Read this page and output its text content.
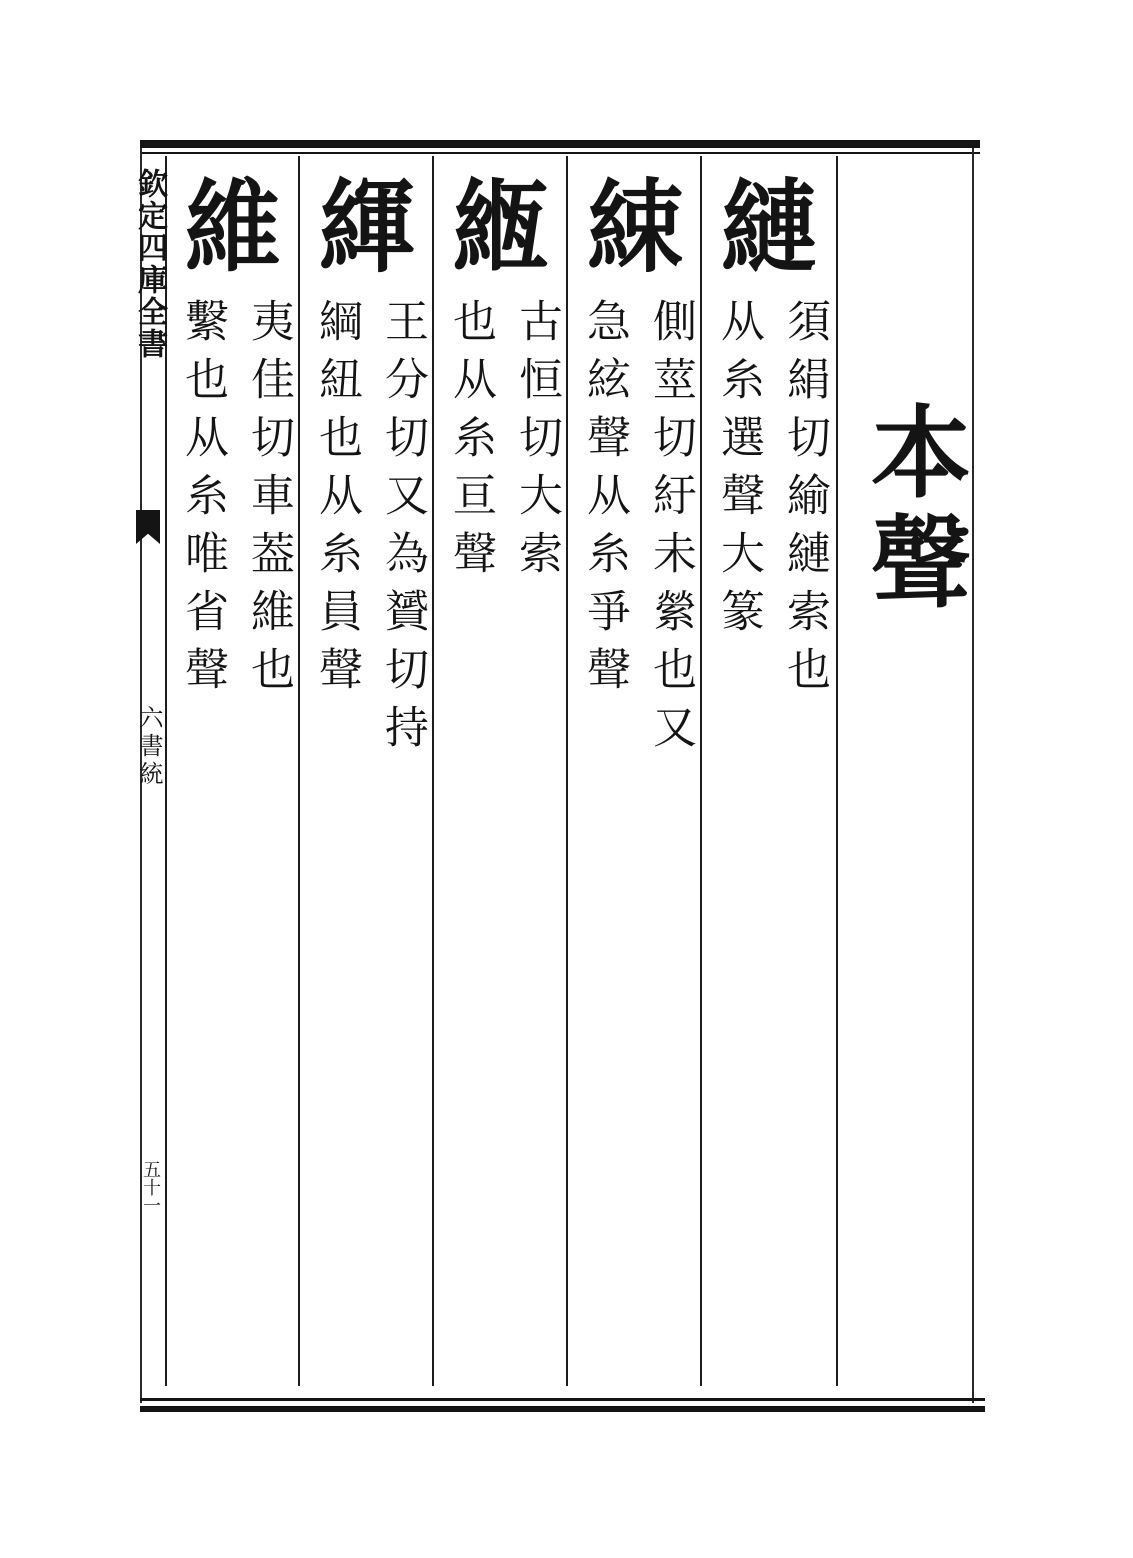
欽定四庫全書
六書統
五十一
本聲
縺
須絹切緰縺索也
从糸選聲大篆
綀
側莖切紆未縈也又
急絃聲从糸爭聲
緪
古恒切大索
也从糸亘聲
緷
王分切又為贇切持
綱紐也从糸員聲
維
夷佳切車葢維也
繫也从糸唯省聲
